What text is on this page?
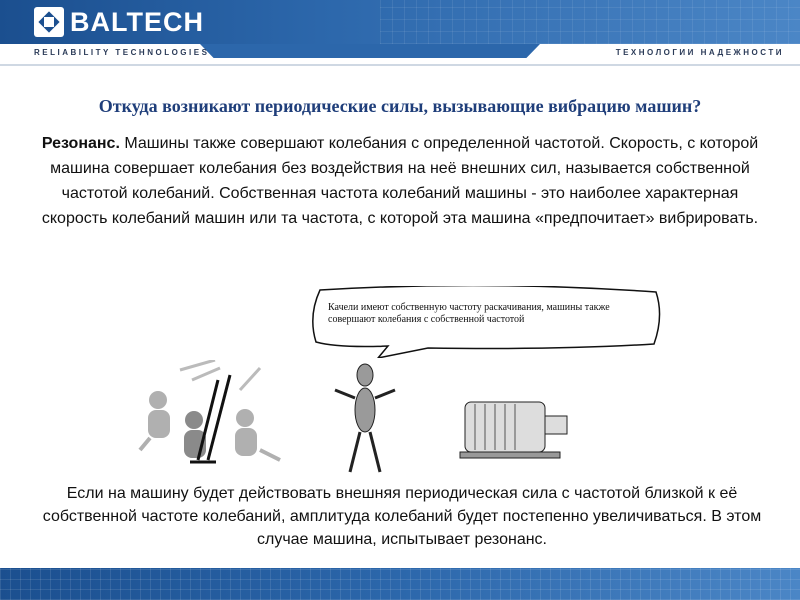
BALTECH
RELIABILITY TECHNOLOGIES	ТЕХНОЛОГИИ НАДЕЖНОСТИ
Откуда возникают периодические силы, вызывающие вибрацию машин?
Резонанс. Машины также совершают колебания с определенной частотой. Скорость, с которой машина совершает колебания без воздействия на неё внешних сил, называется собственной частотой колебаний. Собственная частота колебаний машины - это наиболее характерная скорость колебаний машин или та частота, с которой эта машина «предпочитает» вибрировать.
Качели имеют собственную частоту раскачивания, машины также совершают колебания с собственной частотой
Если на машину будет действовать внешняя периодическая сила с частотой близкой к её собственной частоте колебаний, амплитуда колебаний будет постепенно увеличиваться. В этом случае машина, испытывает резонанс.
